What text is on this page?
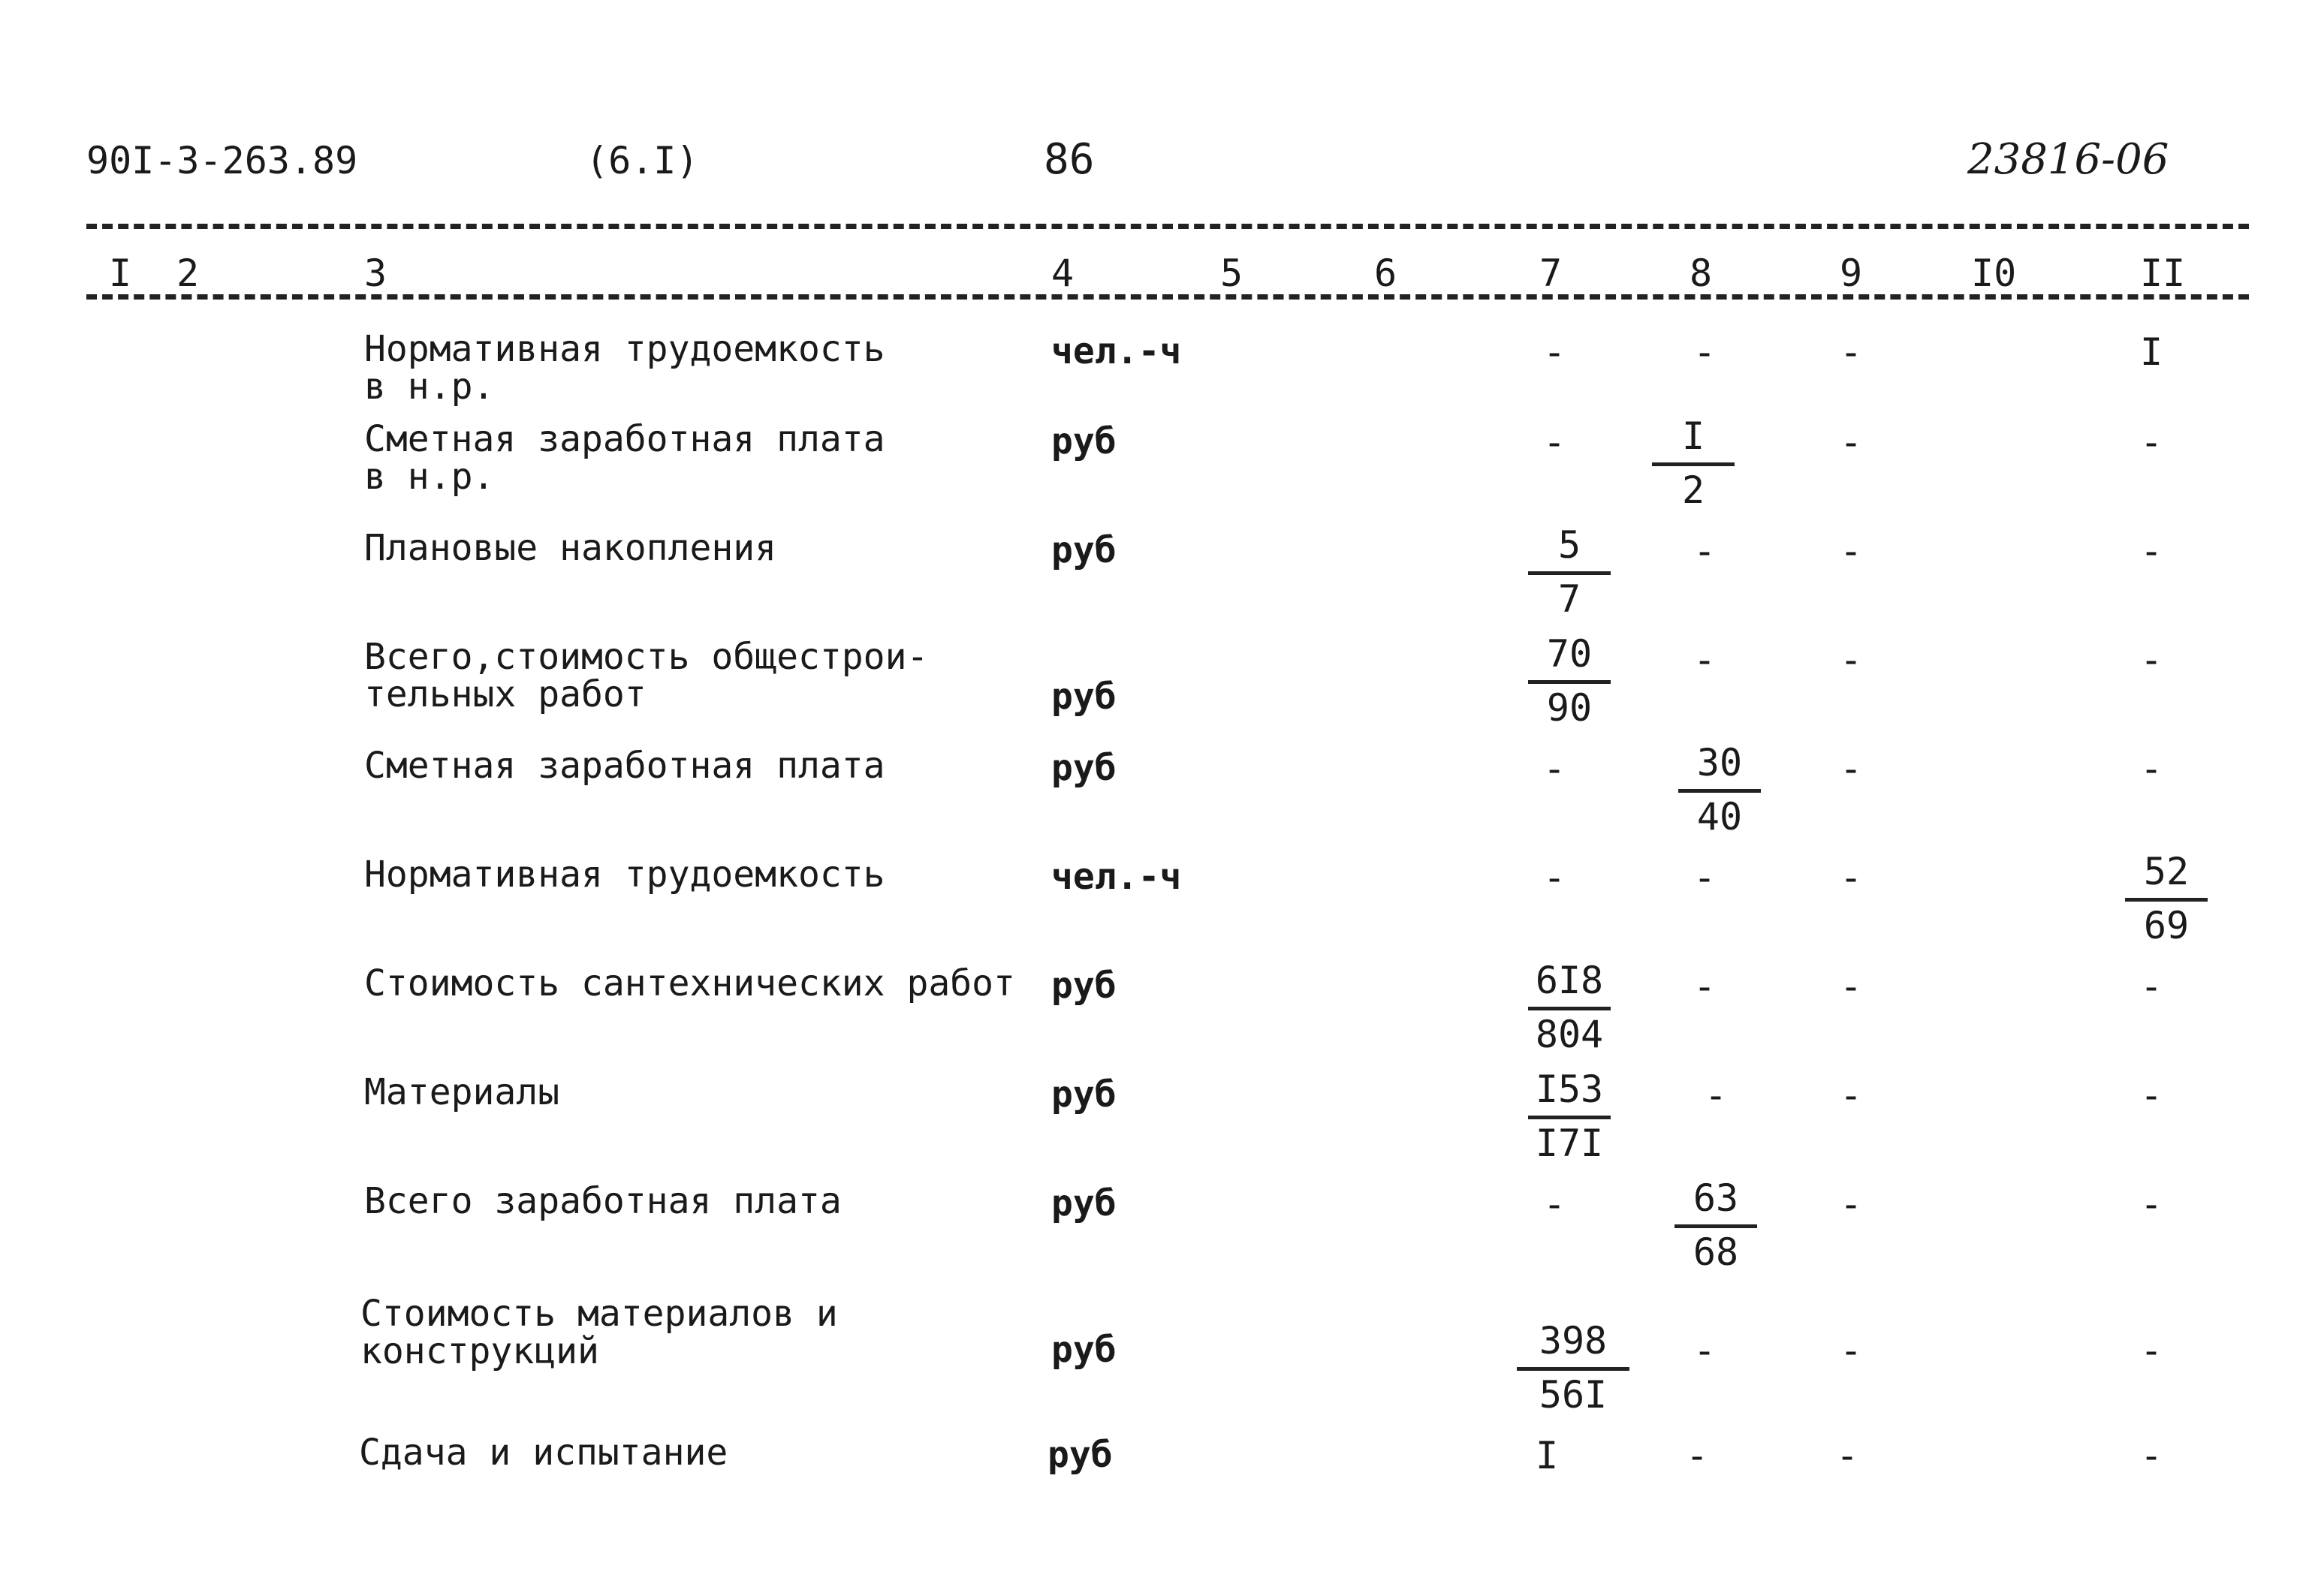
90I-3-263.89	(6.I)	86	23816-06
I 2	3	4	5	6	7	8	9	I0	II
Нормативная трудоемкость
в н.р.
чел.-ч	-	-	-	I
Сметная заработная плата
в н.р.
руб	-	$\frac{I}{2}$	-	-
Плановые накопления	руб	$\frac{5}{7}$	-	-	-
Всего,стоимость общестрои-
тельных работ	руб	$\frac{70}{90}$	-	-	-
Сметная заработная плата	руб	-	$\frac{30}{40}$	-	-
Нормативная трудоемкость	чел.-ч	-	-	-	$\frac{52}{69}$
Стоимость сантехнических работ руб	$\frac{6I8}{804}$	-	-	-
Материалы	руб	$\frac{I53}{I7I}$	-	-	-
Всего заработная плата	руб	-	$\frac{63}{68}$	-	-
Стоимость материалов и
конструкций	руб	$\frac{398}{56I}$	-	-	-
Сдача и испытание	руб	I	-	-	-
